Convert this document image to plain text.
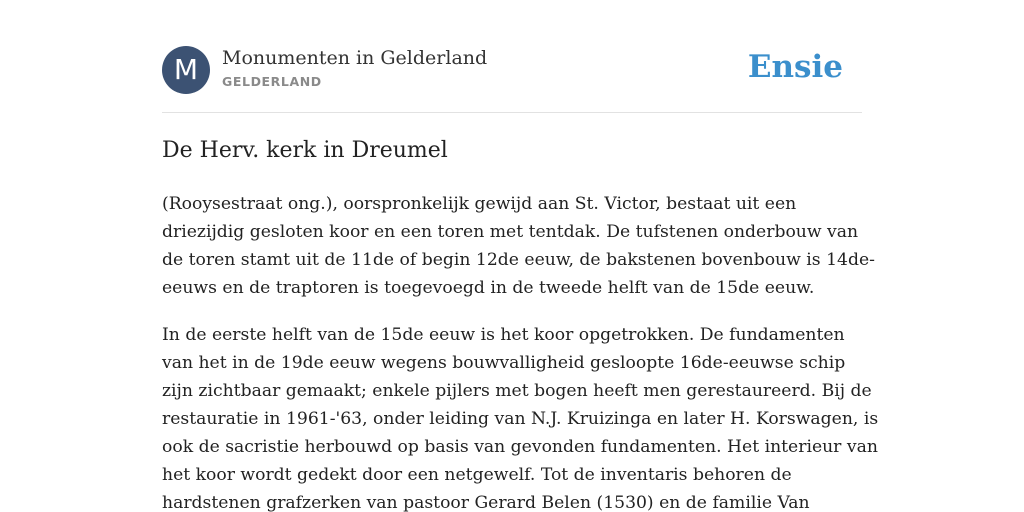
M Monumenten in Gelderland
GELDERLAND	Ensie
De Herv. kerk in Dreumel

(Rooysestraat ong.), oorspronkelijk gewijd aan St. Victor, bestaat uit een
driezijdig gesloten koor en een toren met tentdak. De tufstenen onderbouw van
de toren stamt uit de 11de of begin 12de eeuw, de bakstenen bovenbouw is 14de-
eeuws en de traptoren is toegevoegd in de tweede helft van de 15de eeuw.

In de eerste helft van de 15de eeuw is het koor opgetrokken. De fundamenten
van het in de 19de eeuw wegens bouwvalligheid gesloopte 16de-eeuwse schip
zijn zichtbaar gemaakt; enkele pijlers met bogen heeft men gerestaureerd. Bij de
restauratie in 1961-'63, onder leiding van N.J. Kruizinga en later H. Korswagen, is
ook de sacristie herbouwd op basis van gevonden fundamenten. Het interieur van
het koor wordt gedekt door een netgewelf. Tot de inventaris behoren de
hardstenen grafzerken van pastoor Gerard Belen (1530) en de familie Van
